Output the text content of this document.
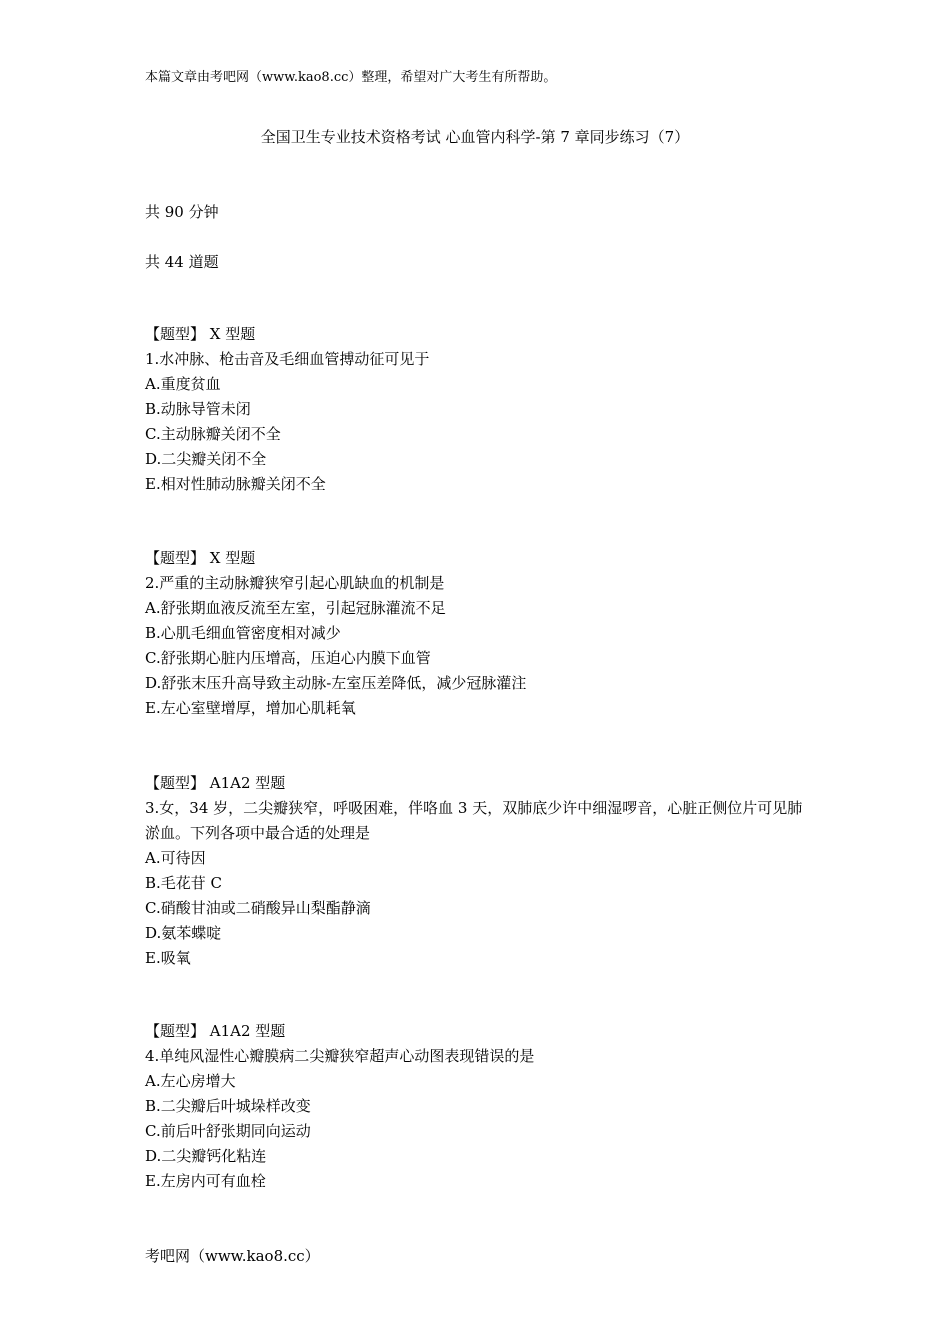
本篇文章由考吧网（www.kao8.cc）整理，希望对广大考生有所帮助。
全国卫生专业技术资格考试 心血管内科学-第 7 章同步练习（7）
共 90 分钟
共 44 道题
【题型】 X 型题
1.水冲脉、枪击音及毛细血管搏动征可见于
A.重度贫血
B.动脉导管未闭
C.主动脉瓣关闭不全
D.二尖瓣关闭不全
E.相对性肺动脉瓣关闭不全
【题型】 X 型题
2.严重的主动脉瓣狭窄引起心肌缺血的机制是
A.舒张期血液反流至左室，引起冠脉灌流不足
B.心肌毛细血管密度相对减少
C.舒张期心脏内压增高，压迫心内膜下血管
D.舒张末压升高导致主动脉-左室压差降低，减少冠脉灌注
E.左心室壁增厚，增加心肌耗氧
【题型】 A1A2 型题
3.女，34 岁，二尖瓣狭窄，呼吸困难，伴咯血 3 天，双肺底少许中细湿啰音，心脏正侧位片可见肺淤血。下列各项中最合适的处理是
A.可待因
B.毛花苷 C
C.硝酸甘油或二硝酸异山梨酯静滴
D.氨苯蝶啶
E.吸氧
【题型】 A1A2 型题
4.单纯风湿性心瓣膜病二尖瓣狭窄超声心动图表现错误的是
A.左心房增大
B.二尖瓣后叶城垛样改变
C.前后叶舒张期同向运动
D.二尖瓣钙化粘连
E.左房内可有血栓
考吧网（www.kao8.cc）
